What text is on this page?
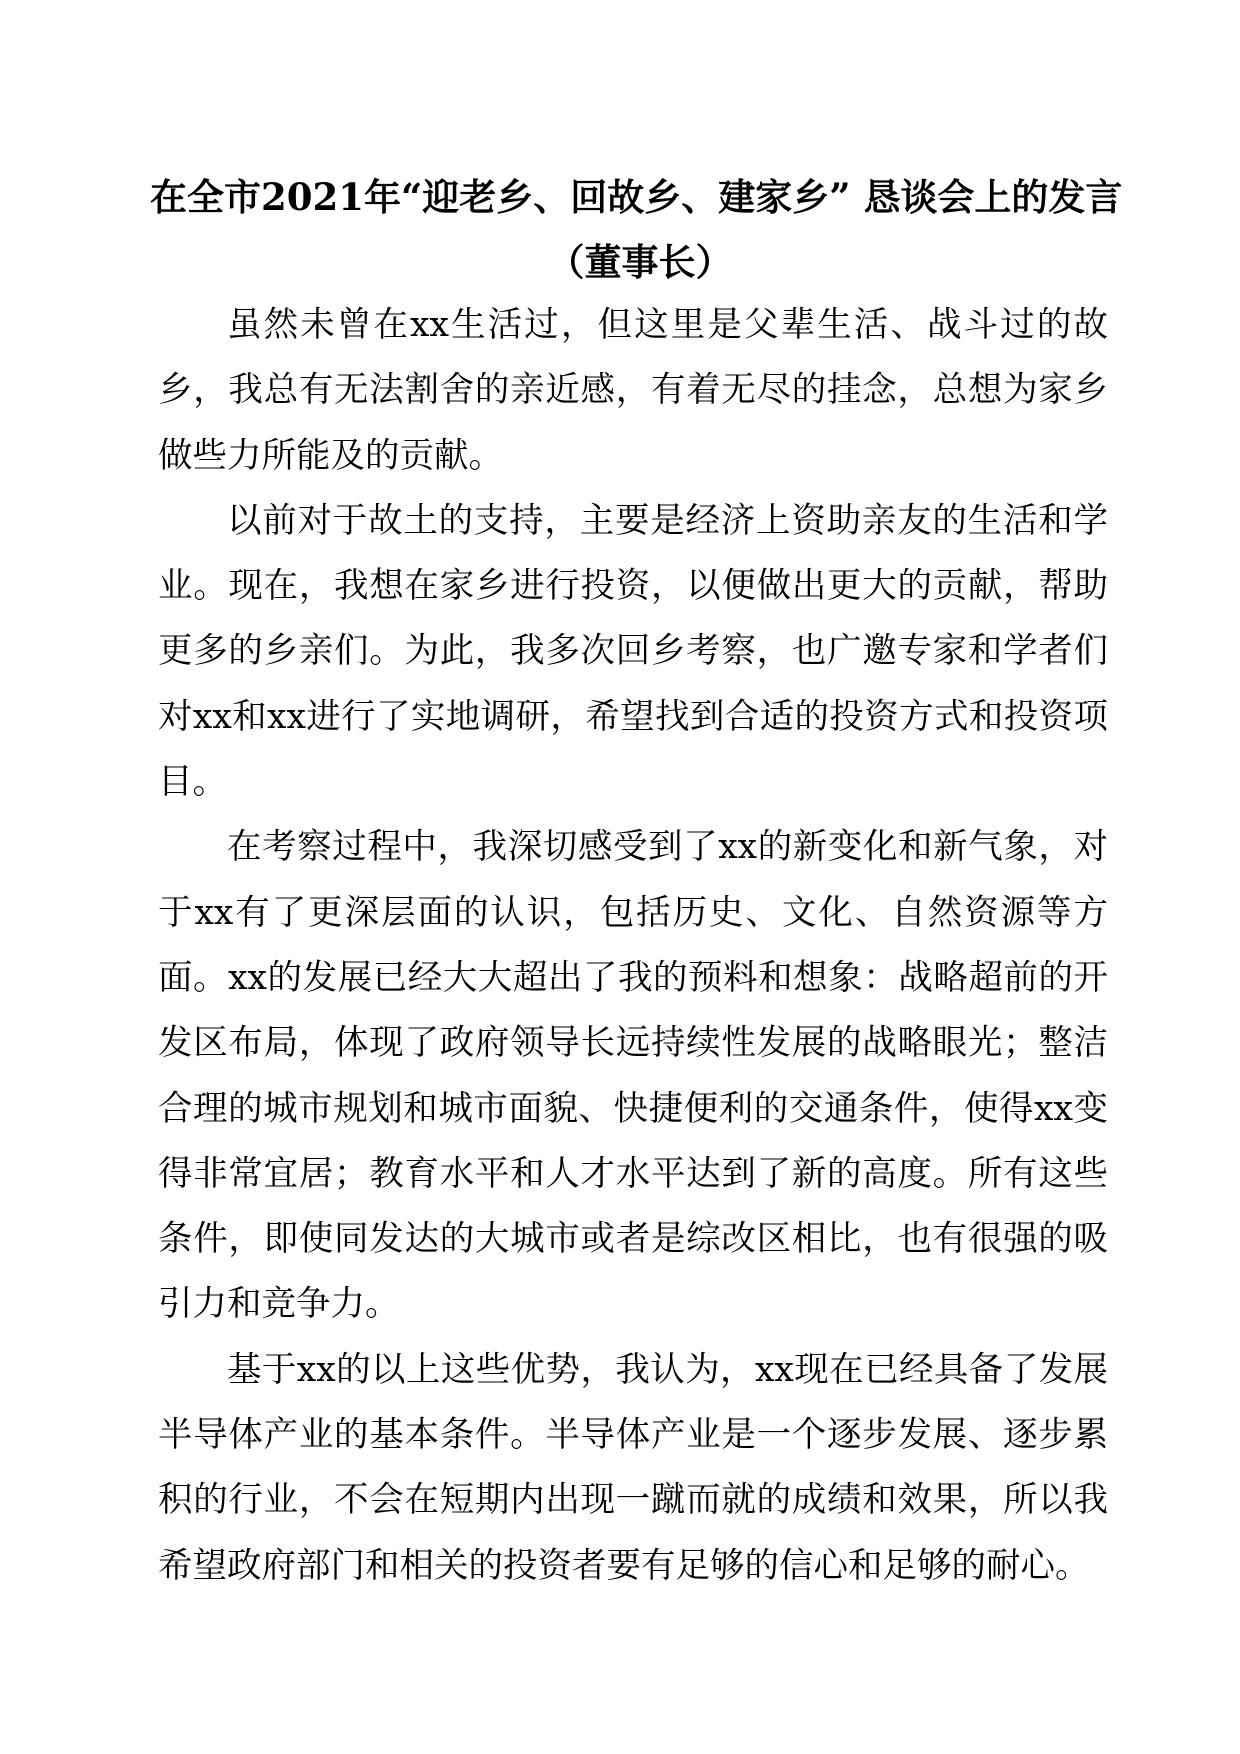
在全市2021年“迎老乡、回故乡、建家乡” 恳谈会上的发言
（董事长）

虽然未曾在xx生活过，但这里是父辈生活、战斗过的故乡，我总有无法割舍的亲近感，有着无尽的挂念，总想为家乡做些力所能及的贡献。

以前对于故土的支持，主要是经济上资助亲友的生活和学业。现在，我想在家乡进行投资，以便做出更大的贡献，帮助更多的乡亲们。为此，我多次回乡考察，也广邀专家和学者们对xx和xx进行了实地调研，希望找到合适的投资方式和投资项目。

在考察过程中，我深切感受到了xx的新变化和新气象，对于xx有了更深层面的认识，包括历史、文化、自然资源等方面。xx的发展已经大大超出了我的预料和想象：战略超前的开发区布局，体现了政府领导长远持续性发展的战略眼光；整洁合理的城市规划和城市面貌、快捷便利的交通条件，使得xx变得非常宜居；教育水平和人才水平达到了新的高度。所有这些条件，即使同发达的大城市或者是综改区相比，也有很强的吸引力和竞争力。

基于xx的以上这些优势，我认为，xx现在已经具备了发展半导体产业的基本条件。半导体产业是一个逐步发展、逐步累积的行业，不会在短期内出现一蹴而就的成绩和效果，所以我希望政府部门和相关的投资者要有足够的信心和足够的耐心。
